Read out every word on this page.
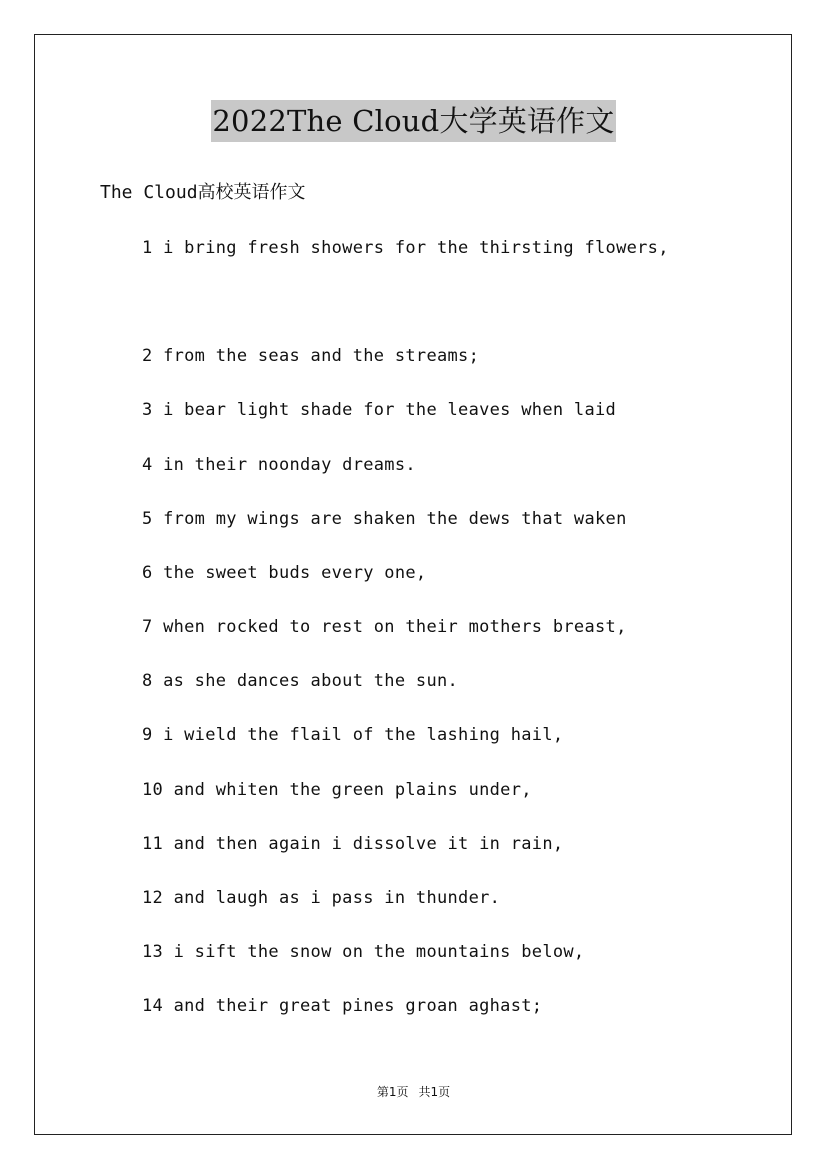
2022The Cloud大学英语作文
The Cloud高校英语作文
1 i bring fresh showers for the thirsting flowers,
2 from the seas and the streams;
3 i bear light shade for the leaves when laid
4 in their noonday dreams.
5 from my wings are shaken the dews that waken
6 the sweet buds every one,
7 when rocked to rest on their mothers breast,
8 as she dances about the sun.
9 i wield the flail of the lashing hail,
10 and whiten the green plains under,
11 and then again i dissolve it in rain,
12 and laugh as i pass in thunder.
13 i sift the snow on the mountains below,
14 and their great pines groan aghast;
第1页 共1页
